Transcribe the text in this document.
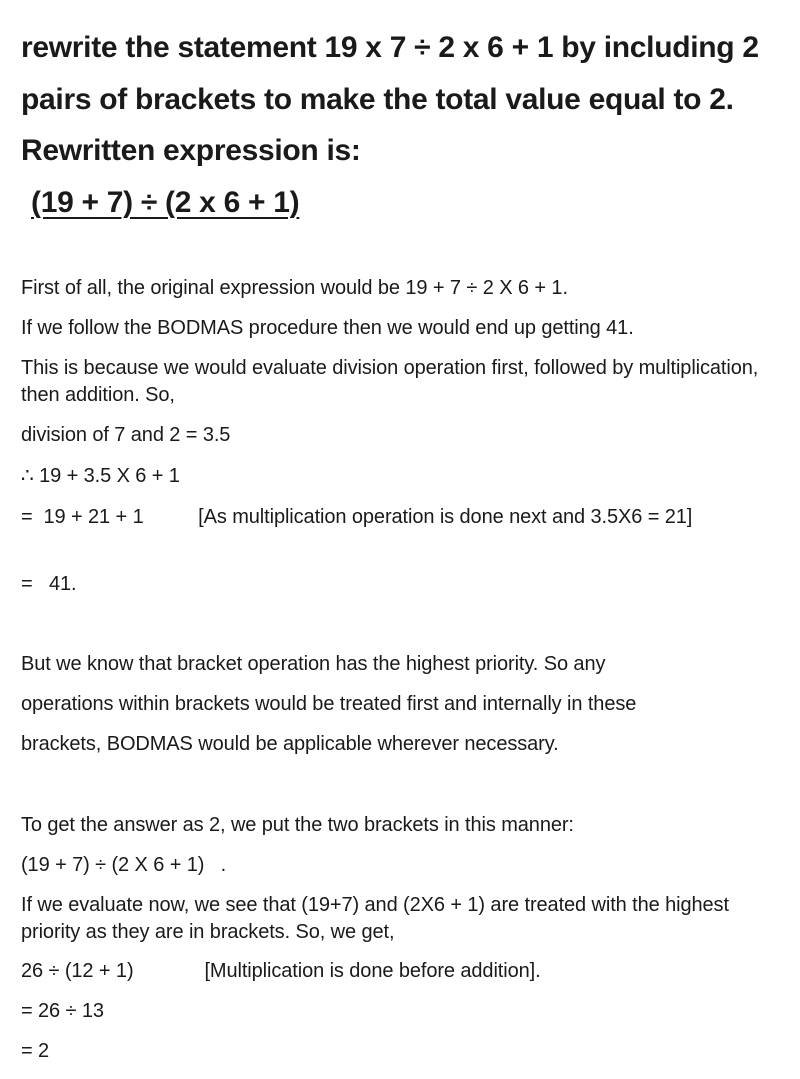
rewrite the statement 19 x 7 ÷ 2 x 6 + 1 by including 2 pairs of brackets to make the total value equal to 2. Rewritten expression is:
(19 + 7) ÷ (2 x 6 + 1)
First of all, the original expression would be 19 + 7 ÷ 2 X 6 + 1.
If we follow the BODMAS procedure then we would end up getting 41.
This is because we would evaluate division operation first, followed by multiplication, then addition. So,
division of 7 and 2 = 3.5
∴ 19 + 3.5 X 6 + 1
=  19 + 21 + 1          [As multiplication operation is done next and 3.5X6 = 21]
=   41.
But we know that bracket operation has the highest priority. So any
operations within brackets would be treated first and internally in these
brackets, BODMAS would be applicable wherever necessary.
To get the answer as 2, we put the two brackets in this manner:
(19 + 7) ÷ (2 X 6 + 1)   .
If we evaluate now, we see that (19+7) and (2X6 + 1) are treated with the highest priority as they are in brackets. So, we get,
26 ÷ (12 + 1)             [Multiplication is done before addition].
= 26 ÷ 13
= 2
